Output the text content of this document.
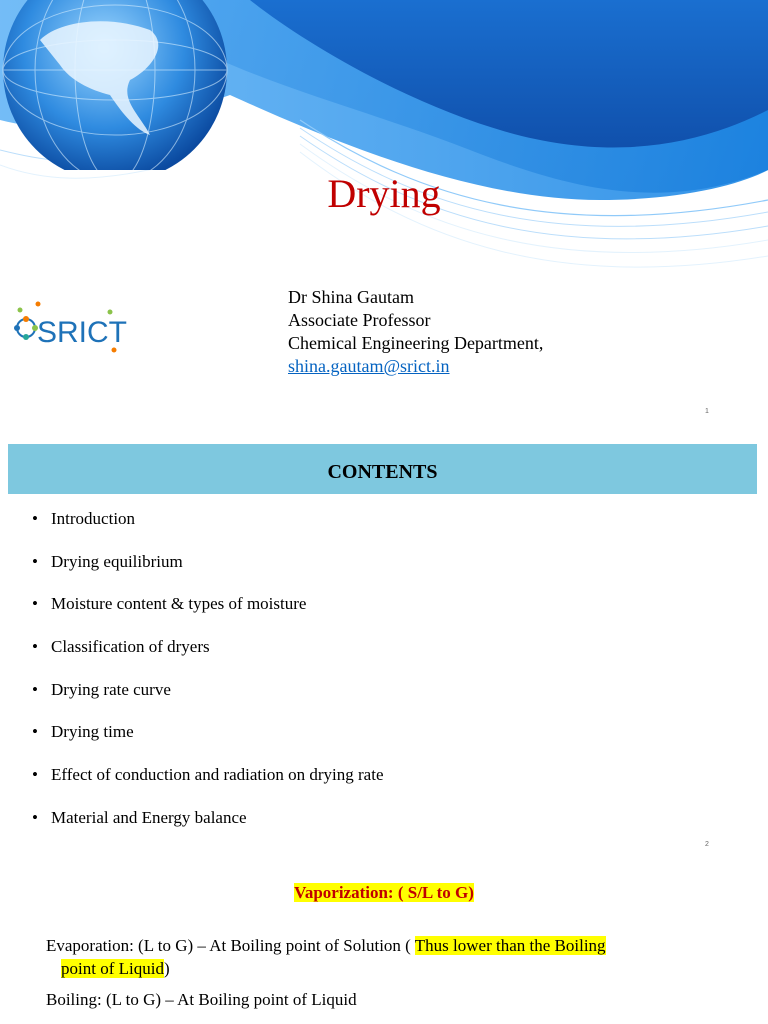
Drying
SRICT
Dr Shina Gautam
Associate Professor
Chemical Engineering Department,
shina.gautam@srict.in
1
CONTENTS
• Introduction
• Drying equilibrium
• Moisture content & types of moisture
• Classification of dryers
• Drying rate curve
• Drying time
• Effect of conduction and radiation on drying rate
• Material and Energy balance
2
Vaporization: ( S/L to G)
Evaporation: (L to G) – At Boiling point of Solution ( Thus lower than the Boiling
point of Liquid)
Boiling: (L to G) – At Boiling point of Liquid
